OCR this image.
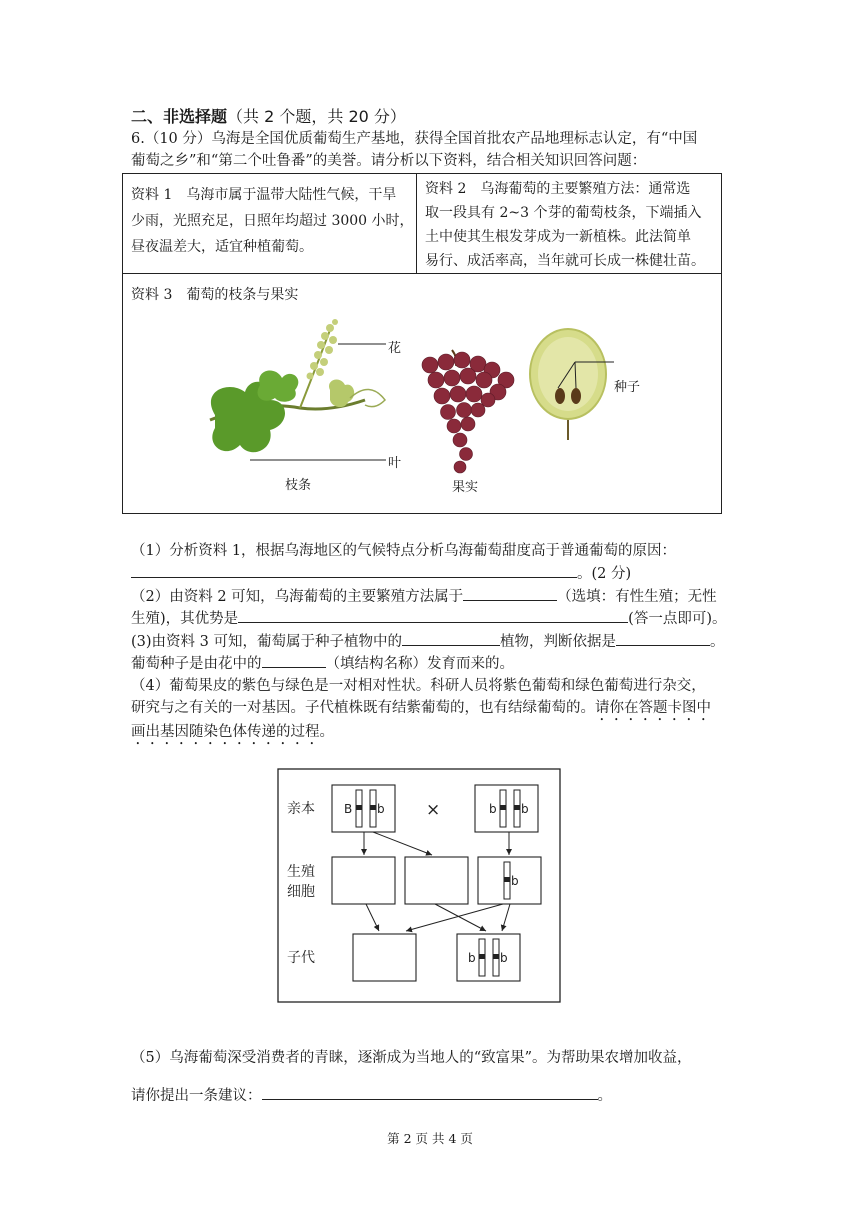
二、非选择题（共 2 个题，共 20 分）
6.（10 分）乌海是全国优质葡萄生产基地，获得全国首批农产品地理标志认定，有“中国
葡萄之乡”和“第二个吐鲁番”的美誉。请分析以下资料，结合相关知识回答问题：
资料 1　乌海市属于温带大陆性气候，干旱
少雨，光照充足，日照年均超过 3000 小时，
昼夜温差大，适宜种植葡萄。
资料 2　乌海葡萄的主要繁殖方法：通常选
取一段具有 2~3 个芽的葡萄枝条，下端插入
土中使其生根发芽成为一新植株。此法简单
易行、成活率高，当年就可长成一株健壮苗。
资料 3　葡萄的枝条与果实
花
叶
枝条	果实
种子
（1）分析资料 1，根据乌海地区的气候特点分析乌海葡萄甜度高于普通葡萄的原因：
。(2 分)
（2）由资料 2 可知，乌海葡萄的主要繁殖方法属于	（选填：有性生殖；无性
生殖)，其优势是	(答一点即可)。
(3)由资料 3 可知，葡萄属于种子植物中的	植物，判断依据是	。
葡萄种子是由花中的	（填结构名称）发育而来的。
（4）葡萄果皮的紫色与绿色是一对相对性状。科研人员将紫色葡萄和绿色葡萄进行杂交，
研究与之有关的一对基因。子代植株既有结紫葡萄的，也有结绿葡萄的。请你在答题卡图中
画出基因随染色体传递的过程。
亲本
生殖
细胞
子代
×
B b	b b
b
b b
（5）乌海葡萄深受消费者的青睐，逐渐成为当地人的“致富果”。为帮助果农增加收益，
请你提出一条建议：	。
第 2 页 共 4 页
